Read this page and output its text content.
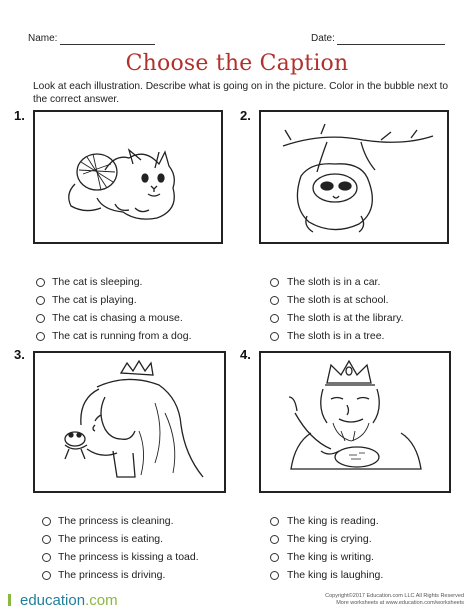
Name:	Date:
Choose the Caption
Look at each illustration. Describe what is going on in the picture. Color in the bubble next to the correct answer.
1.
The cat is sleeping.
The cat is playing.
The cat is chasing a mouse.
The cat is running from a dog.
2.
The sloth is in a car.
The sloth is at school.
The sloth is at the library.
The sloth is in a tree.
3.
The princess is cleaning.
The princess is eating.
The princess is kissing a toad.
The princess is driving.
4.
The king is reading.
The king is crying.
The king is writing.
The king is laughing.
education.com	Copyright©2017 Education.com LLC All Rights Reserved
More worksheets at www.education.com/worksheets
